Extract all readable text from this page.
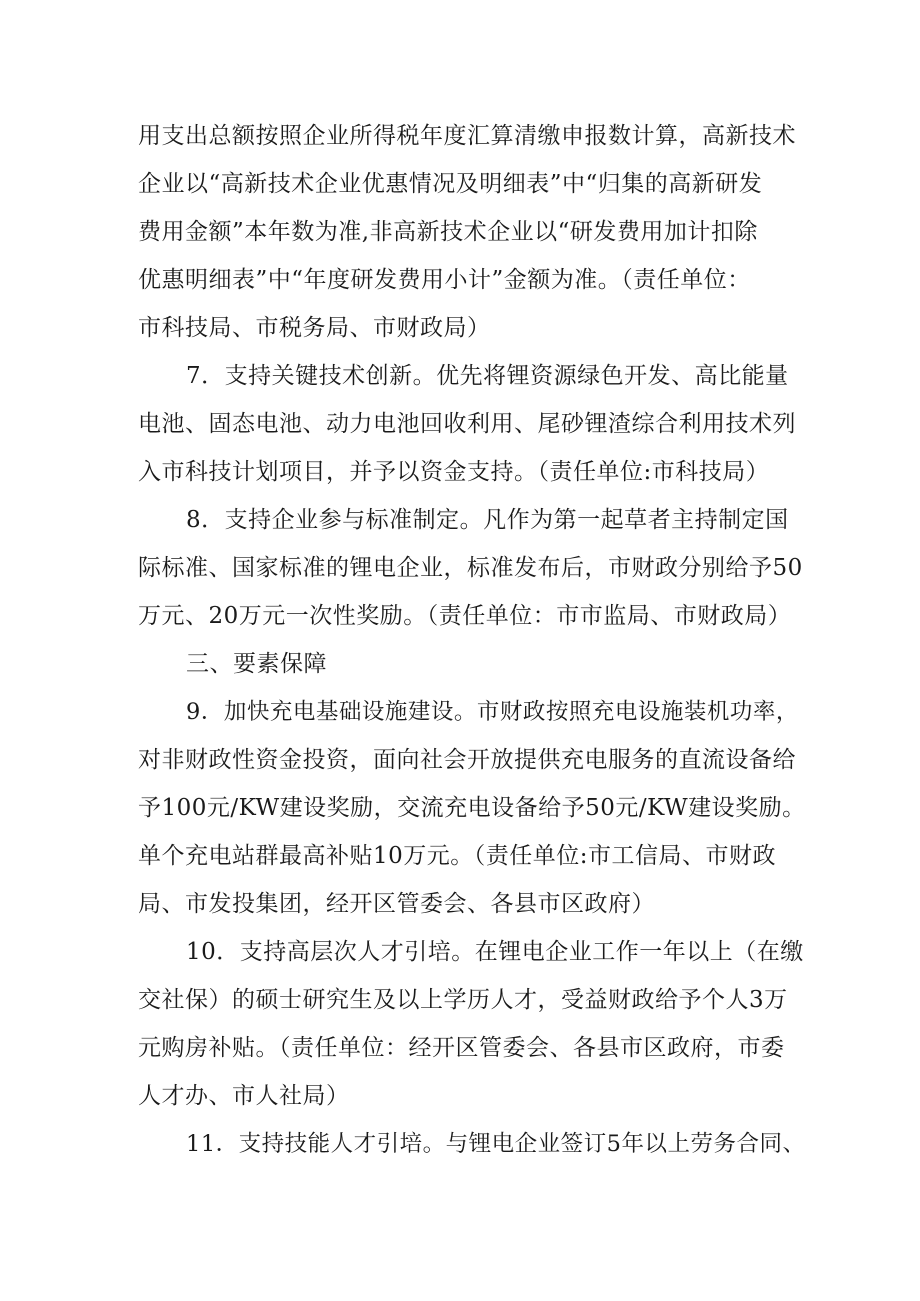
用支出总额按照企业所得税年度汇算清缴申报数计算，高新技术
企业以“高新技术企业优惠情况及明细表”中“归集的高新研发
费用金额”本年数为准,非高新技术企业以“研发费用加计扣除
优惠明细表”中“年度研发费用小计”金额为准。（责任单位：
市科技局、市税务局、市财政局）
7．支持关键技术创新。优先将锂资源绿色开发、高比能量
电池、固态电池、动力电池回收利用、尾砂锂渣综合利用技术列
入市科技计划项目，并予以资金支持。（责任单位:市科技局）
8．支持企业参与标准制定。凡作为第一起草者主持制定国
际标准、国家标准的锂电企业，标准发布后，市财政分别给予50
万元、20万元一次性奖励。（责任单位：市市监局、市财政局）
三、要素保障
9．加快充电基础设施建设。市财政按照充电设施装机功率，
对非财政性资金投资，面向社会开放提供充电服务的直流设备给
予100元/KW建设奖励，交流充电设备给予50元/KW建设奖励。
单个充电站群最高补贴10万元。（责任单位:市工信局、市财政
局、市发投集团，经开区管委会、各县市区政府）
10．支持高层次人才引培。在锂电企业工作一年以上（在缴
交社保）的硕士研究生及以上学历人才，受益财政给予个人3万
元购房补贴。（责任单位：经开区管委会、各县市区政府，市委
人才办、市人社局）
11．支持技能人才引培。与锂电企业签订5年以上劳务合同、
